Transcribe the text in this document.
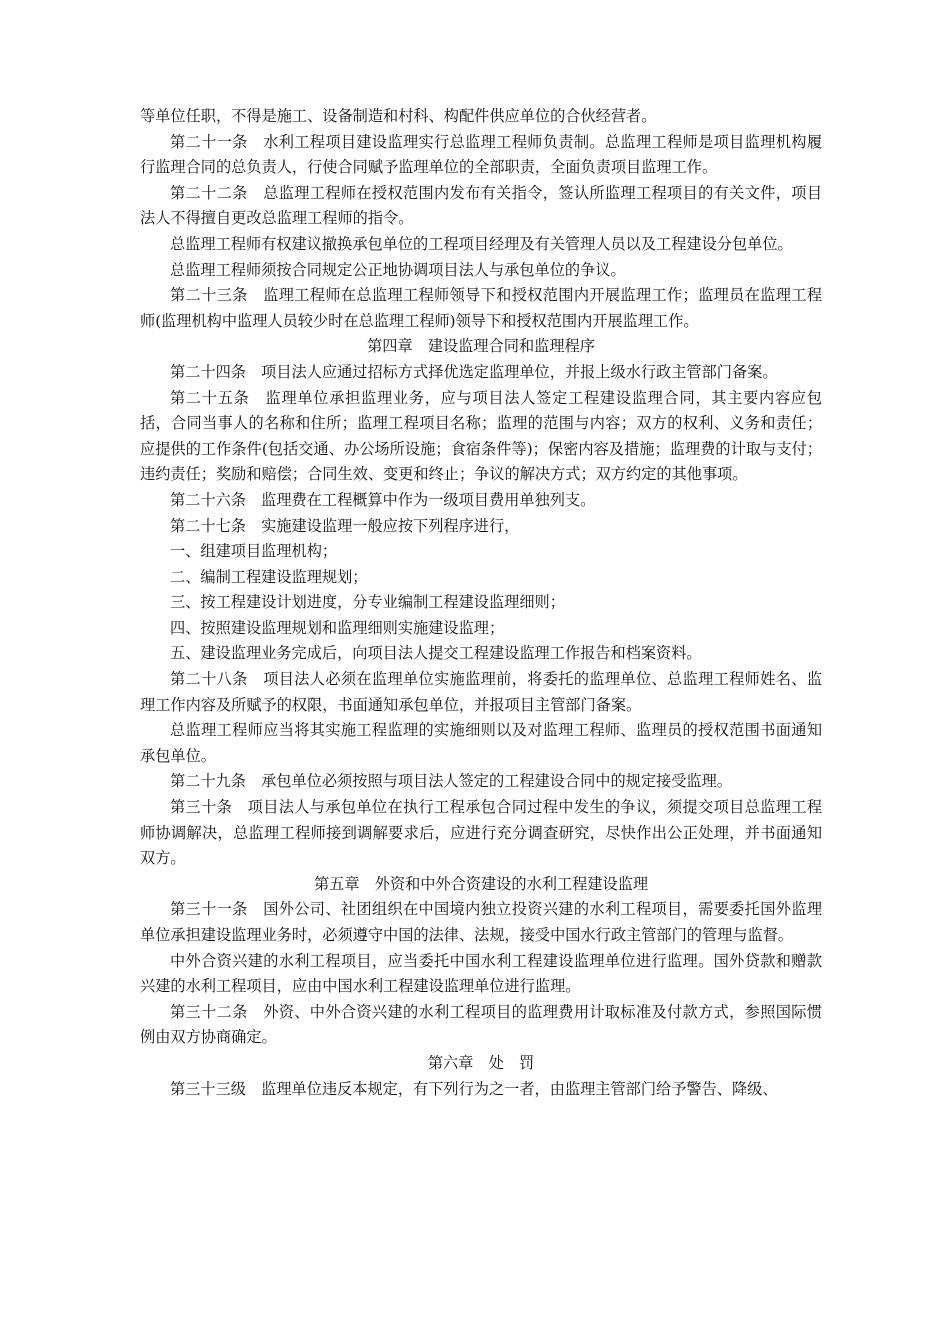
等单位任职，不得是施工、设备制造和村科、构配件供应单位的合伙经营者。

第二十一条　水利工程项目建设监理实行总监理工程师负责制。总监理工程师是项目监理机构履行监理合同的总负责人，行使合同赋予监理单位的全部职责，全面负责项目监理工作。

第二十二条　总监理工程师在授权范围内发布有关指令，签认所监理工程项目的有关文件，项目法人不得擅自更改总监理工程师的指令。

总监理工程师有权建议撤换承包单位的工程项目经理及有关管理人员以及工程建设分包单位。

总监理工程师须按合同规定公正地协调项目法人与承包单位的争议。

第二十三条　监理工程师在总监理工程师领导下和授权范围内开展监理工作；监理员在监理工程师(监理机构中监理人员较少时在总监理工程师)领导下和授权范围内开展监理工作。

第四章　建设监理合同和监理程序

第二十四条　项目法人应通过招标方式择优选定监理单位，并报上级水行政主管部门备案。

第二十五条　监理单位承担监理业务，应与项目法人签定工程建设监理合同，其主要内容应包括，合同当事人的名称和住所；监理工程项目名称；监理的范围与内容；双方的权利、义务和责任；应提供的工作条件(包括交通、办公场所设施；食宿条件等)；保密内容及措施；监理费的计取与支付；违约责任；奖励和赔偿；合同生效、变更和终止；争议的解决方式；双方约定的其他事项。

第二十六条　监理费在工程概算中作为一级项目费用单独列支。

第二十七条　实施建设监理一般应按下列程序进行，

一、组建项目监理机构；

二、编制工程建设监理规划；

三、按工程建设计划进度，分专业编制工程建设监理细则；

四、按照建设监理规划和监理细则实施建设监理；

五、建设监理业务完成后，向项目法人提交工程建设监理工作报告和档案资料。

第二十八条　项目法人必须在监理单位实施监理前，将委托的监理单位、总监理工程师姓名、监理工作内容及所赋予的权限，书面通知承包单位，并报项目主管部门备案。

总监理工程师应当将其实施工程监理的实施细则以及对监理工程师、监理员的授权范围书面通知承包单位。

第二十九条　承包单位必须按照与项目法人签定的工程建设合同中的规定接受监理。

第三十条　项目法人与承包单位在执行工程承包合同过程中发生的争议，须提交项目总监理工程师协调解决，总监理工程师接到调解要求后，应进行充分调查研究，尽快作出公正处理，并书面通知双方。

第五章　外资和中外合资建设的水利工程建设监理

第三十一条　国外公司、社团组织在中国境内独立投资兴建的水利工程项目，需要委托国外监理单位承担建设监理业务时，必须遵守中国的法律、法规，接受中国水行政主管部门的管理与监督。

中外合资兴建的水利工程项目，应当委托中国水利工程建设监理单位进行监理。国外贷款和赠款兴建的水利工程项目，应由中国水利工程建设监理单位进行监理。

第三十二条　外资、中外合资兴建的水利工程项目的监理费用计取标准及付款方式，参照国际惯例由双方协商确定。

第六章　处　罚

第三十三级　监理单位违反本规定，有下列行为之一者，由监理主管部门给予警告、降级、
